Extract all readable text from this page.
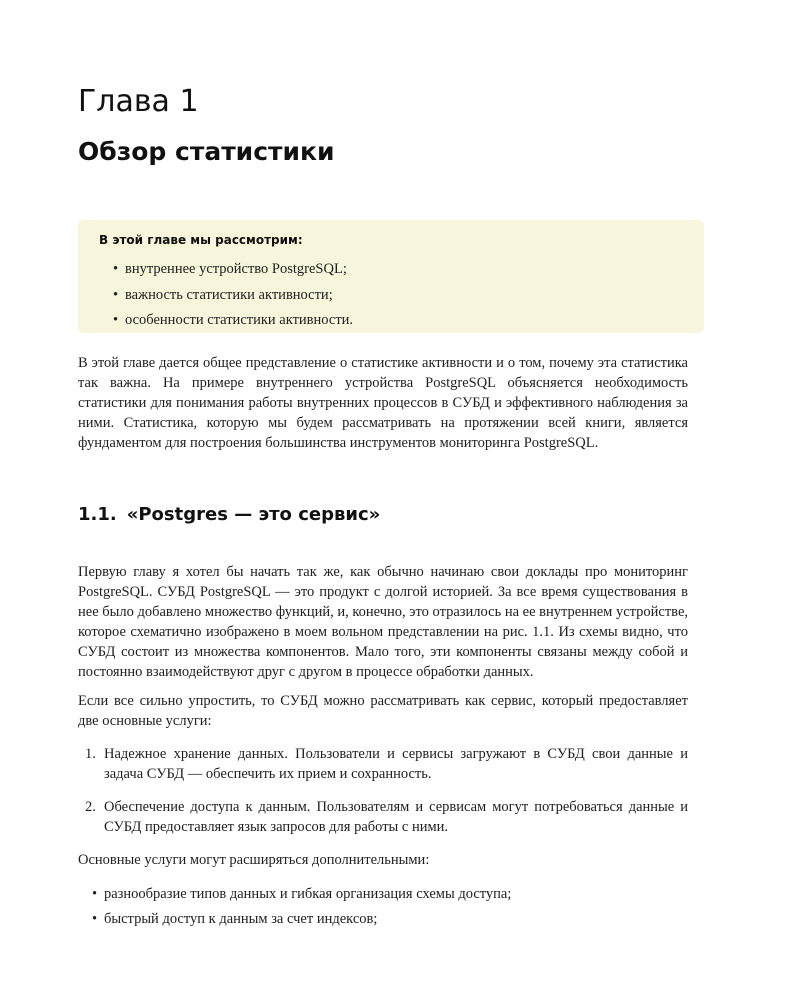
Глава 1
Обзор статистики
В этой главе мы рассмотрим:
• внутреннее устройство PostgreSQL;
• важность статистики активности;
• особенности статистики активности.

В этой главе дается общее представление о статистике активности и о том, почему эта статистика так важна. На примере внутреннего устройства PostgreSQL объясняется необходимость статистики для понимания работы внутренних процессов в СУБД и эффективного наблюдения за ними. Статистика, которую мы будем рассматривать на протяжении всей книги, является фундаментом для построения большинства инструментов мониторинга PostgreSQL.

1.1. «Postgres — это сервис»

Первую главу я хотел бы начать так же, как обычно начинаю свои доклады про мониторинг PostgreSQL. СУБД PostgreSQL — это продукт с долгой историей. За все время существования в нее было добавлено множество функций, и, конечно, это отразилось на ее внутреннем устройстве, которое схематично изображено в моем вольном представлении на рис. 1.1. Из схемы видно, что СУБД состоит из множества компонентов. Мало того, эти компоненты связаны между собой и постоянно взаимодействуют друг с другом в процессе обработки данных.

Если все сильно упростить, то СУБД можно рассматривать как сервис, который предоставляет две основные услуги:

1. Надежное хранение данных. Пользователи и сервисы загружают в СУБД свои данные и задача СУБД — обеспечить их прием и сохранность.
2. Обеспечение доступа к данным. Пользователям и сервисам могут потребоваться данные и СУБД предоставляет язык запросов для работы с ними.

Основные услуги могут расширяться дополнительными:

• разнообразие типов данных и гибкая организация схемы доступа;
• быстрый доступ к данным за счет индексов;
